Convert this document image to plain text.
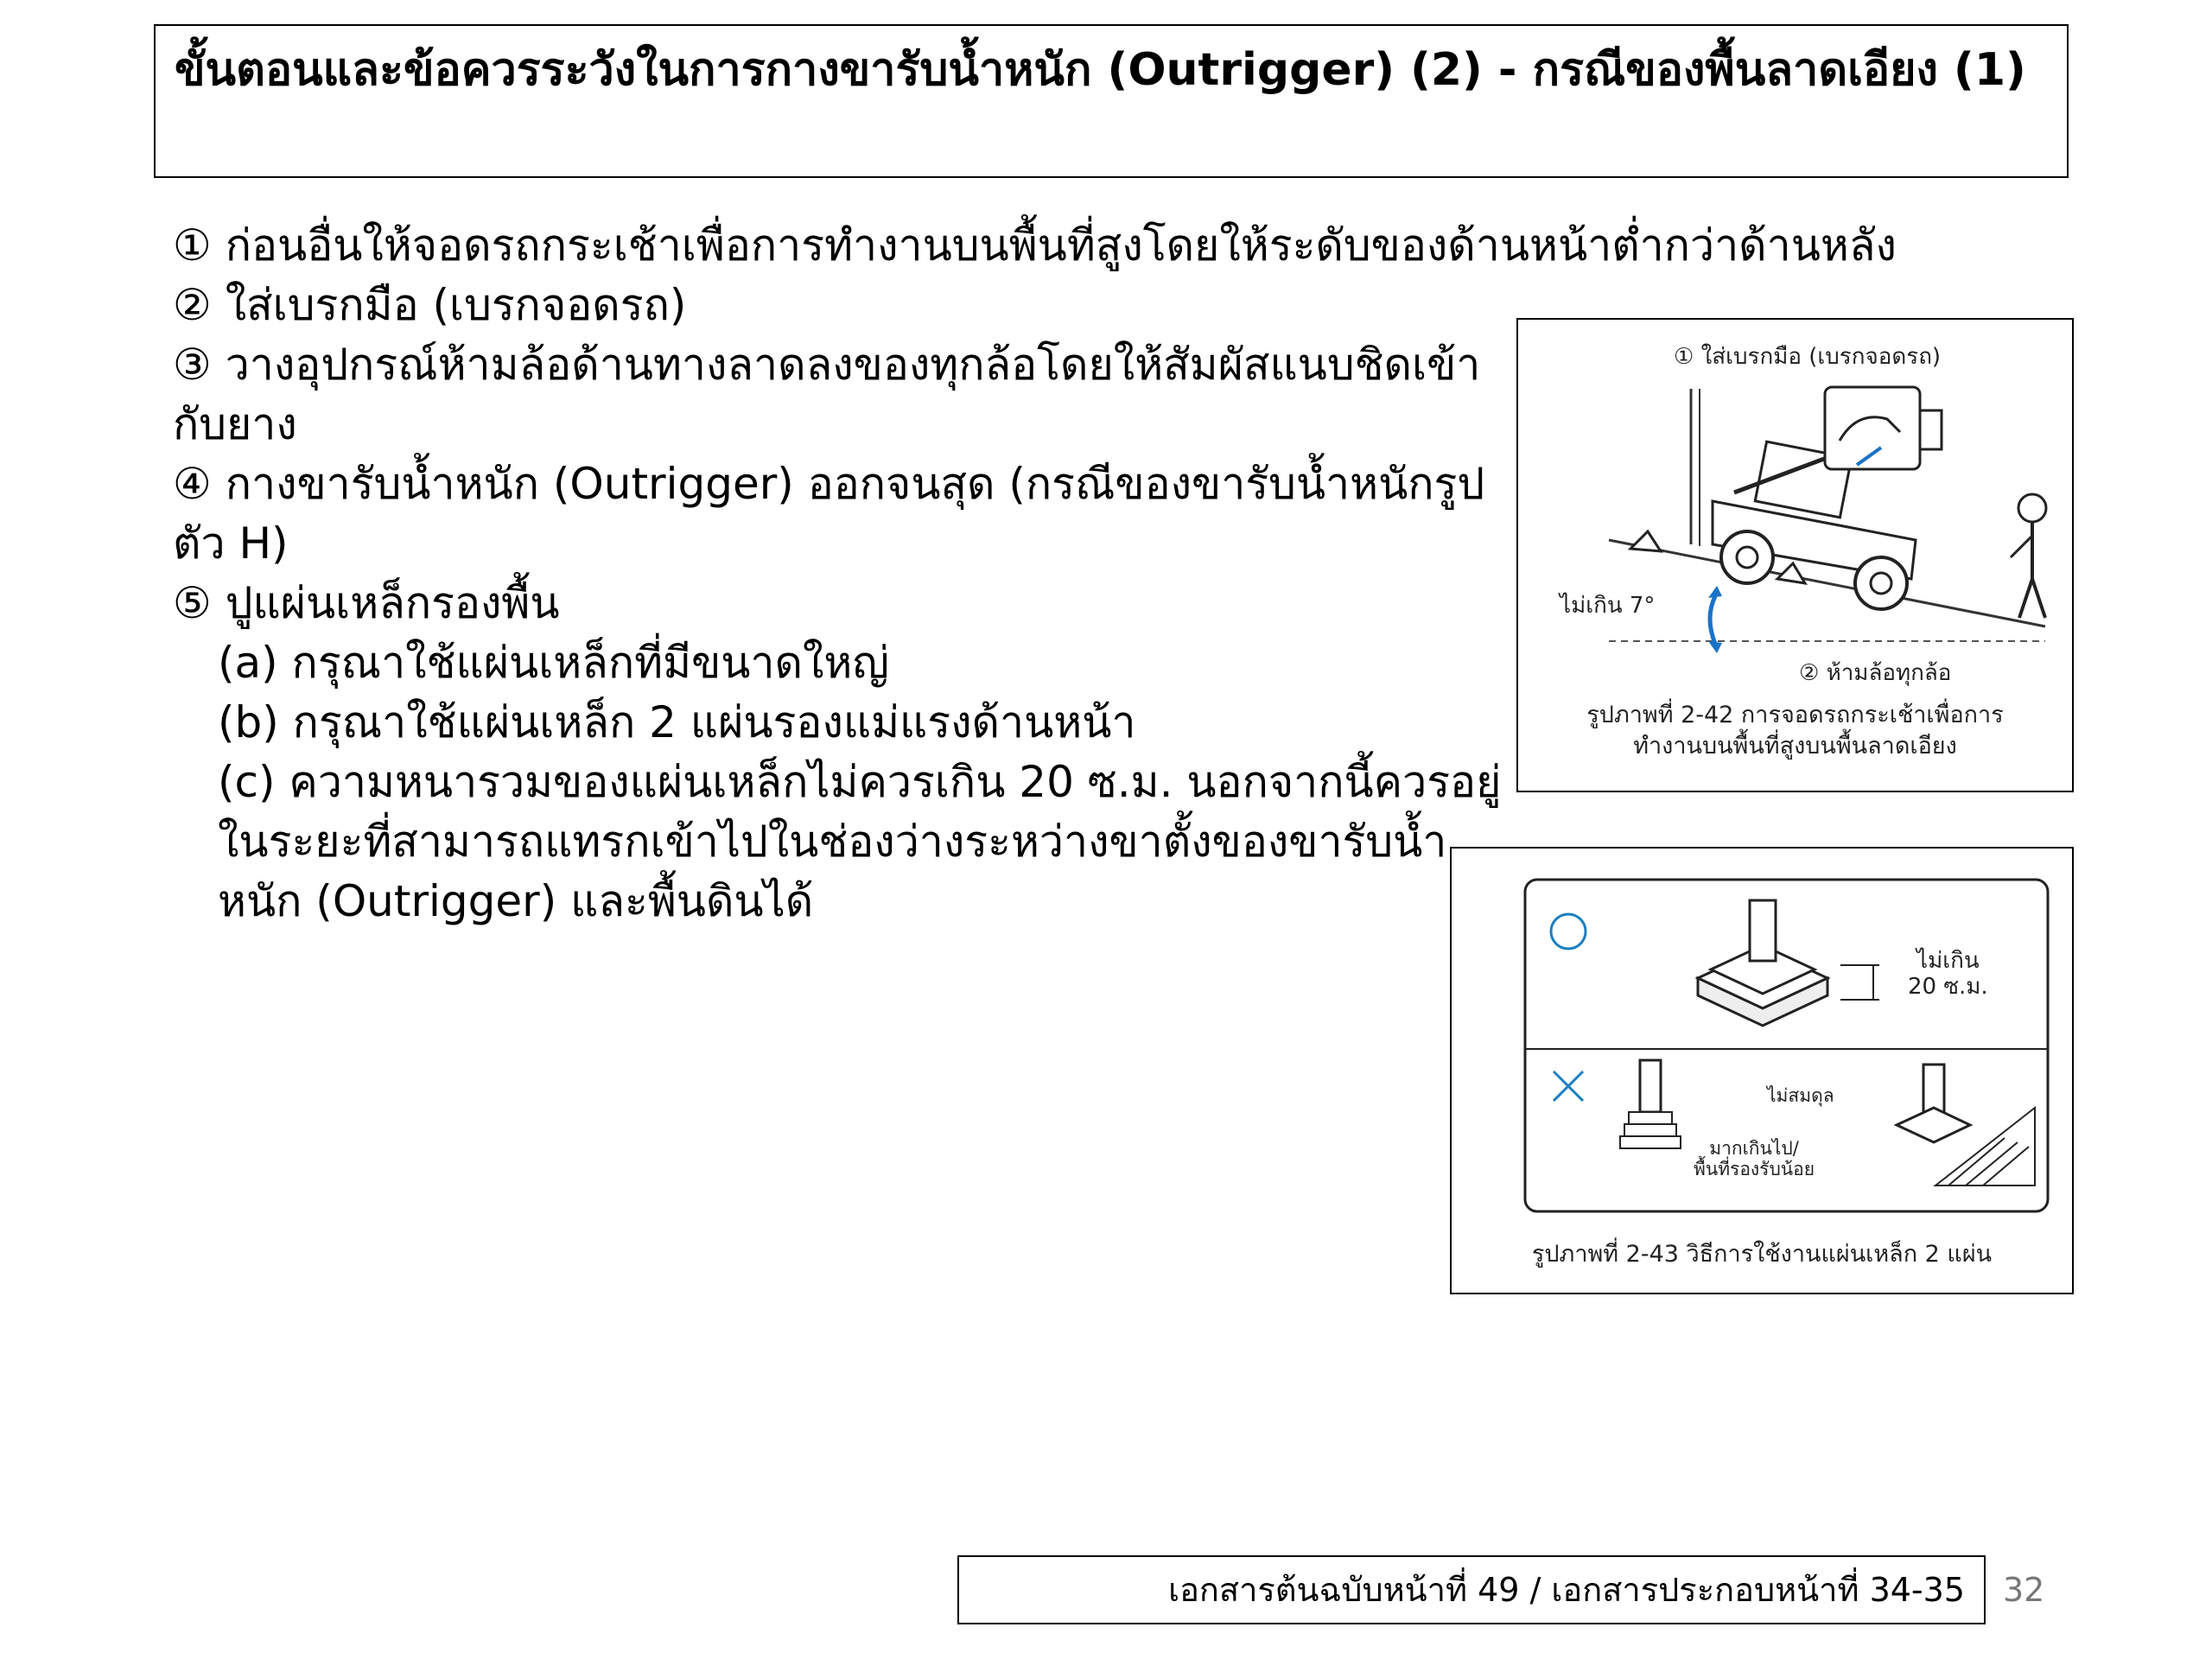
ขั้นตอนและข้อควรระวังในการกางขารับน้ำหนัก (Outrigger) (2) - กรณีของพื้นลาดเอียง (1)

① ก่อนอื่นให้จอดรถกระเช้าเพื่อการทำงานบนพื้นที่สูงโดยให้ระดับของด้านหน้าต่ำกว่าด้านหลัง

② ใส่เบรกมือ (เบรกจอดรถ)

③ วางอุปกรณ์ห้ามล้อด้านทางลาดลงของทุกล้อโดยให้สัมผัสแนบชิดเข้ากับยาง

④ กางขารับน้ำหนัก (Outrigger) ออกจนสุด (กรณีของขารับน้ำหนักรูปตัว H)

⑤ ปูแผ่นเหล็กรองพื้น

(a) กรุณาใช้แผ่นเหล็กที่มีขนาดใหญ่

(b) กรุณาใช้แผ่นเหล็ก 2 แผ่นรองแม่แรงด้านหน้า

(c) ความหนารวมของแผ่นเหล็กไม่ควรเกิน 20 ซ.ม. นอกจากนี้ควรอยู่ในระยะที่สามารถแทรกเข้าไปในช่องว่างระหว่างขาตั้งของขารับน้ำหนัก (Outrigger) และพื้นดินได้

① ใส่เบรกมือ (เบรกจอดรถ)
ไม่เกิน 7°
② ห้ามล้อทุกล้อ
รูปภาพที่ 2-42 การจอดรถกระเช้าเพื่อการทำงานบนพื้นที่สูงบนพื้นลาดเอียง
ไม่เกิน
20 ซ.ม.
ไม่สมดุล
มากเกินไป/
พื้นที่รองรับน้อย
รูปภาพที่ 2-43 วิธีการใช้งานแผ่นเหล็ก 2 แผ่น
เอกสารต้นฉบับหน้าที่ 49 / เอกสารประกอบหน้าที่ 34-35	32
